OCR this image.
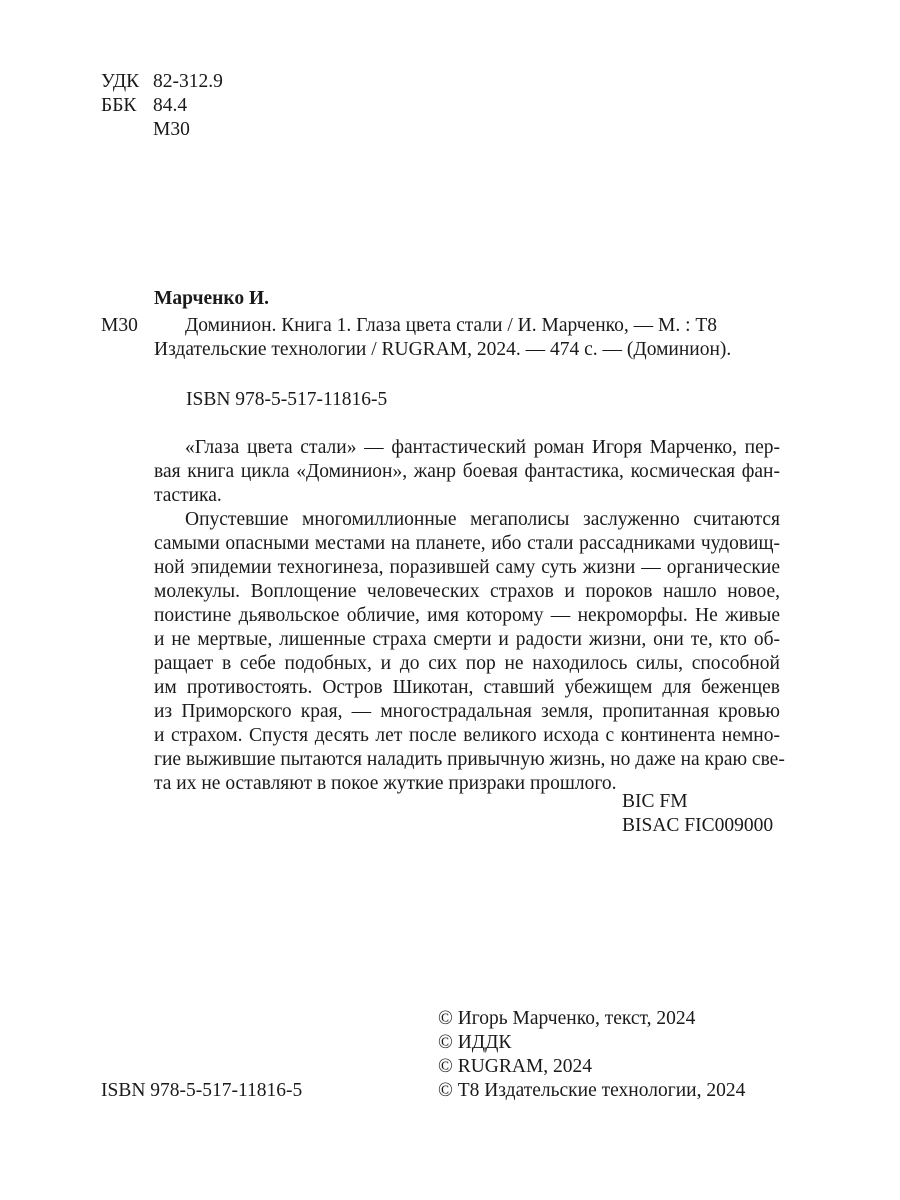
УДК 82-312.9
ББК 84.4
М30
Марченко И.
М30	Доминион. Книга 1. Глаза цвета стали / И. Марченко, — М. : Т8
Издательские технологии / RUGRAM, 2024. — 474 с. — (Доминион).
ISBN 978-5-517-11816-5
«Глаза цвета стали» — фантастический роман Игоря Марченко, пер-
вая книга цикла «Доминион», жанр боевая фантастика, космическая фан-
тастика.
Опустевшие многомиллионные мегаполисы заслуженно считаются
самыми опасными местами на планете, ибо стали рассадниками чудовищ-
ной эпидемии техногинеза, поразившей саму суть жизни — органические
молекулы. Воплощение человеческих страхов и пороков нашло новое,
поистине дьявольское обличие, имя которому — некроморфы. Не живые
и не мертвые, лишенные страха смерти и радости жизни, они те, кто об-
ращает в себе подобных, и до сих пор не находилось силы, способной
им противостоять. Остров Шикотан, ставший убежищем для беженцев
из Приморского края, — многострадальная земля, пропитанная кровью
и страхом. Спустя десять лет после великого исхода с континента немно-
гие выжившие пытаются наладить привычную жизнь, но даже на краю све-
та их не оставляют в покое жуткие призраки прошлого.
BIC FM
BISAC FIC009000
© Игорь Марченко, текст, 2024
© ИДДК
© RUGRAM, 2024
© Т8 Издательские технологии, 2024
ISBN 978-5-517-11816-5
